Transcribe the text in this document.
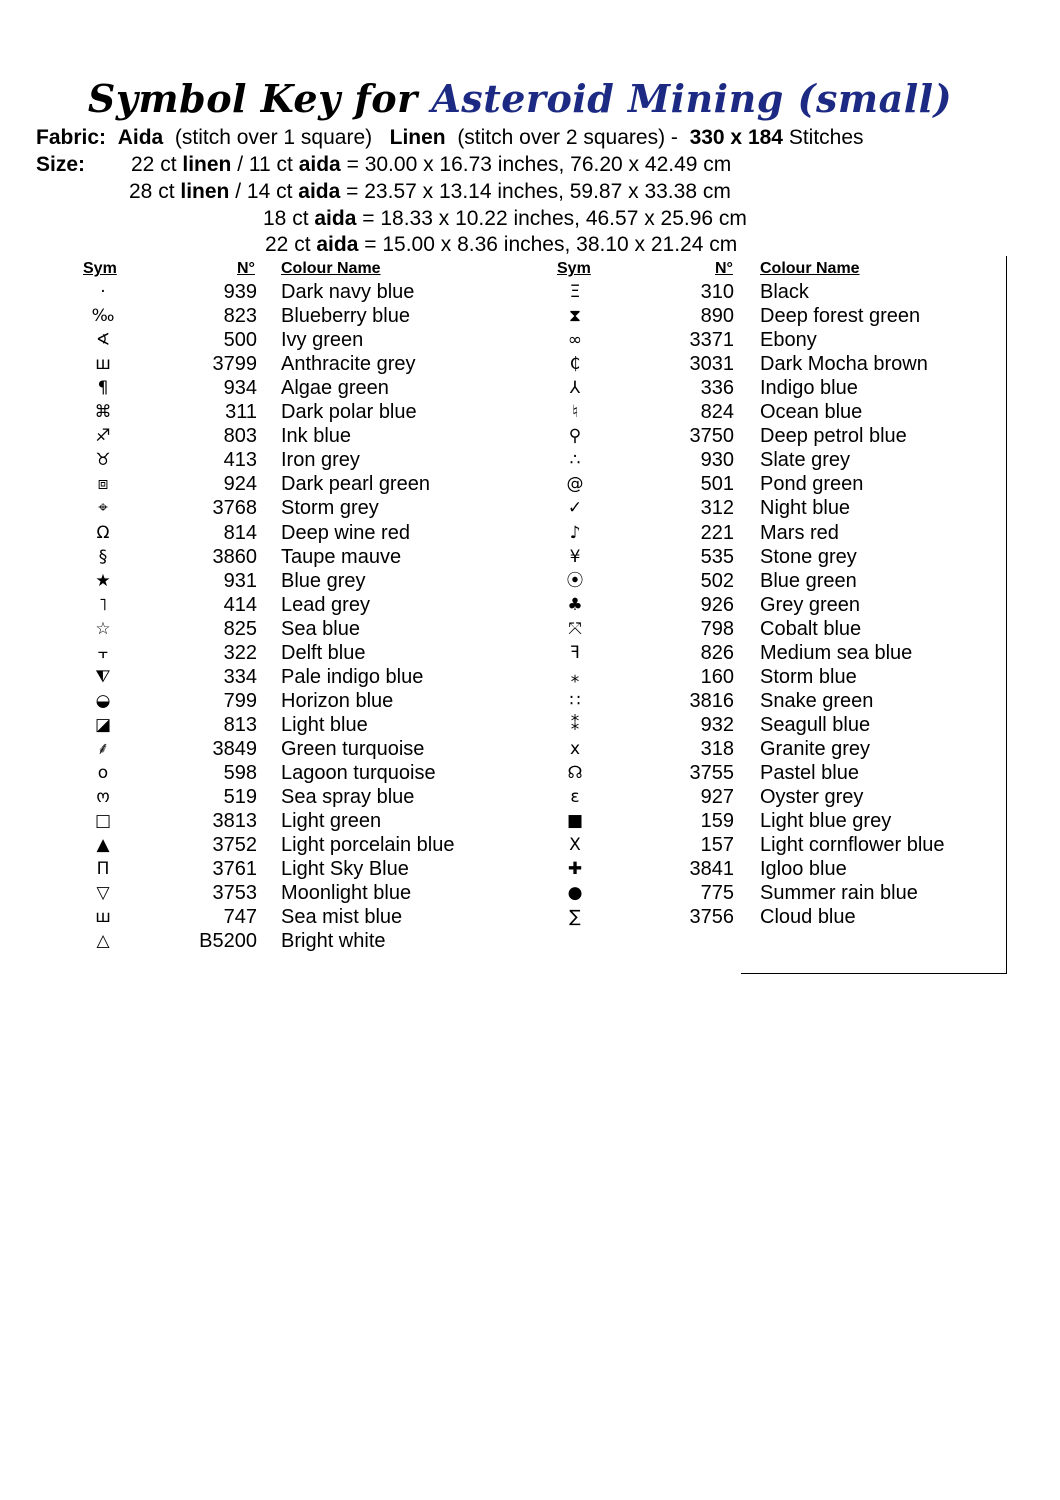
Symbol Key for Asteroid Mining (small)
Fabric: Aida (stitch over 1 square) Linen (stitch over 2 squares) - 330 x 184 Stitches
Size: 22 ct linen / 11 ct aida = 30.00 x 16.73 inches, 76.20 x 42.49 cm
28 ct linen / 14 ct aida = 23.57 x 13.14 inches, 59.87 x 33.38 cm
18 ct aida = 18.33 x 10.22 inches, 46.57 x 25.96 cm
22 ct aida = 15.00 x 8.36 inches, 38.10 x 21.24 cm
Sym	N° Colour Name	Sym	N° Colour Name
·	939 Dark navy blue
‰	823 Blueberry blue
∢	500 Ivy green
ш	3799 Anthracite grey
¶	934 Algae green
⌘	311 Dark polar blue
♐	803 Ink blue
♉	413 Iron grey
⧈	924 Dark pearl green
⌖	3768 Storm grey
Ω	814 Deep wine red
§	3860 Taupe mauve
★	931 Blue grey
˥	414 Lead grey
☆	825 Sea blue
⫟	322 Delft blue
⧨	334 Pale indigo blue
◒	799 Horizon blue
◪	813 Light blue
⸙	3849 Green turquoise
ο	598 Lagoon turquoise
ო	519 Sea spray blue
□	3813 Light green
▲	3752 Light porcelain blue
Π	3761 Light Sky Blue
▽	3753 Moonlight blue
ꟺ	747 Sea mist blue
△	B5200 Bright white
Ξ	310 Black
⧗	890 Deep forest green
∞	3371 Ebony
₵	3031 Dark Mocha brown
⅄	336 Indigo blue
♮	824 Ocean blue
⚲	3750 Deep petrol blue
∴	930 Slate grey
@	501 Pond green
✓	312 Night blue
♪	221 Mars red
¥	535 Stone grey
⦿	502 Blue green
♣	926 Grey green
⤧	798 Cobalt blue
ꟻ	826 Medium sea blue
⁎	160 Storm blue
∷	3816 Snake green
⁑	932 Seagull blue
x	318 Granite grey
☊	3755 Pastel blue
ε	927 Oyster grey
■	159 Light blue grey
Ⅹ	157 Light cornflower blue
✚	3841 Igloo blue
●	775 Summer rain blue
∑	3756 Cloud blue
